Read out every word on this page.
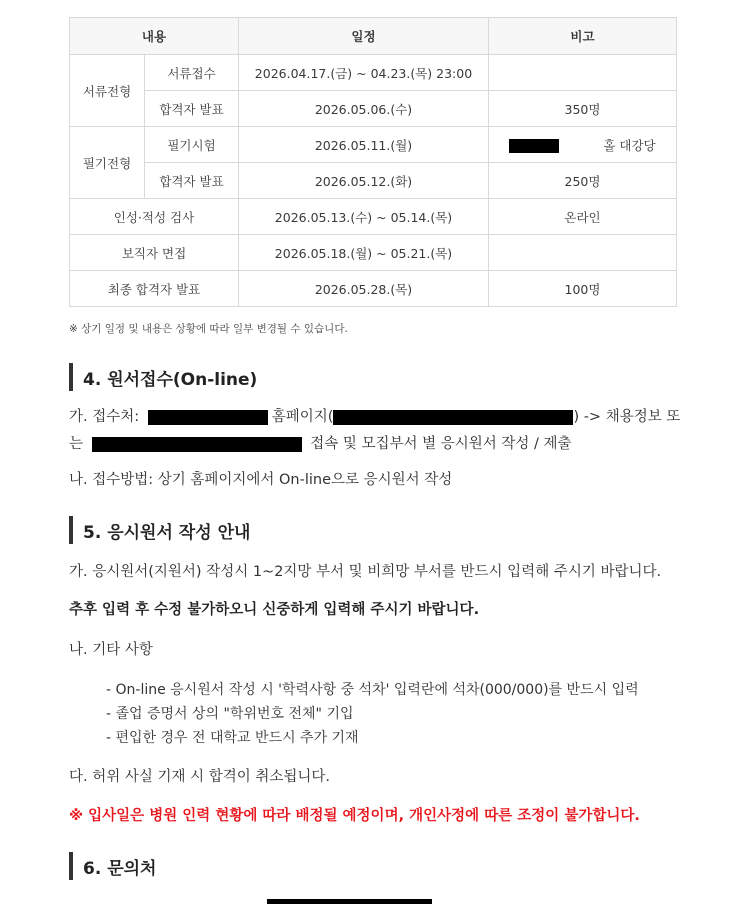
내용		일정	비고
서류전형	서류접수	2026.04.17.(금) ~ 04.23.(목) 23:00	
	합격자 발표	2026.05.06.(수)	350명
필기전형	필기시험	2026.05.11.(월)	홀 대강당
	합격자 발표	2026.05.12.(화)	250명
인성·적성 검사		2026.05.13.(수) ~ 05.14.(목)	온라인
보직자 면접		2026.05.18.(월) ~ 05.21.(목)	
최종 합격자 발표		2026.05.28.(목)	100명
※ 상기 일정 및 내용은 상황에 따라 일부 변경될 수 있습니다.
4. 원서접수(On-line)
가. 접수처:	홈페이지(	) -> 채용정보 또
는	접속 및 모집부서 별 응시원서 작성 / 제출
나. 접수방법: 상기 홈페이지에서 On-line으로 응시원서 작성
5. 응시원서 작성 안내
가. 응시원서(지원서) 작성시 1~2지망 부서 및 비희망 부서를 반드시 입력해 주시기 바랍니다.
추후 입력 후 수정 불가하오니 신중하게 입력해 주시기 바랍니다.
나. 기타 사항
- On-line 응시원서 작성 시 '학력사항 중 석차' 입력란에 석차(000/000)를 반드시 입력
- 졸업 증명서 상의 "학위번호 전체" 기입
- 편입한 경우 전 대학교 반드시 추가 기재
다. 허위 사실 기재 시 합격이 취소됩니다.
※ 입사일은 병원 인력 현황에 따라 배정될 예정이며, 개인사정에 따른 조정이 불가합니다.
6. 문의처
